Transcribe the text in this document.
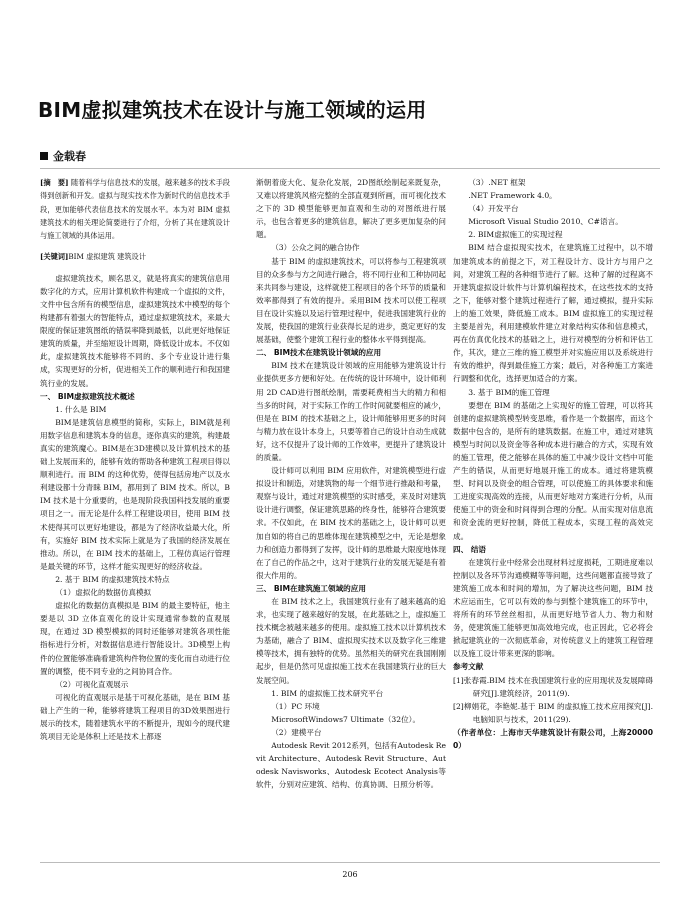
BIM虚拟建筑技术在设计与施工领域的运用
金载春

[摘　要] 随着科学与信息技术的发展，越来越多的技术手段得到创新和开发。虚拟与现实技术作为新时代的信息技术手段，更加能够代表信息技术的发展水平。本为对 BIM 虚拟建筑技术的相关理论简要进行了介绍，分析了其在建筑设计与施工领域的具体运用。

[关键词]BIM 虚拟建筑 建筑设计

虚拟建筑技术，顾名思义，就是将真实的建筑信息用数字化的方式，应用计算机软件构建成一个虚拟的文件，文件中包含所有的模型信息，虚拟建筑技术中模型的每个构建都有着强大的智能特点，通过虚拟建筑技术，来最大限度的保证建筑图纸的错误率降到最低，以此更好地保证建筑的质量，并至缩短设计周期，降低设计成本。不仅如此，虚拟建筑技术能够将不同的、多个专业设计进行集成，实现更好的分析，促进相关工作的顺利进行和我国建筑行业的发展。

一、 BIM虚拟建筑技术概述

1. 什么是 BIM

BIM是建筑信息模型的简称，实际上，BIM就是利用数字信息和建筑本身的信息，逐你真实的建筑，构建最真实的建筑魔心。BIM是在3D建模以及计算机技术的基础上发展而来的，能够有效的帮助各种建筑工程项目得以顺利进行。而 BIM 的这种优势，使得包括房地产以及水利建设都十分青睐 BIM，都用到了 BIM 技术。所以，BIM 技术是十分重要的，也是现阶段我国科技发展的重要项目之一。而无论是什么样工程建设项目，使用 BIM 技术使得其可以更好地建设，都是为了经济收益最大化，所有，实施好 BIM 技术实际上就是为了我国的经济发展在推动。所以，在 BIM 技术的基础上，工程仿真运行管理是最关键的环节，这样才能实现更好的经济收益。

2. 基于 BIM 的虚拟建筑技术特点

（1）虚拟化的数据仿真模拟

虚拟化的数据仿真模拟是 BIM 的最主要特征，他主要是以 3D 立体直观化的设计实现通常参数的直观展现，在通过 3D 模型模拟的同时还能够对建筑各项性能指标进行分析，对数据信息进行智能设计。3D模型上构件的位置能够准确看建筑构件物位置的变化而自动进行位置的调整，使不同专业的之间协同合作。

（2）可视化直观展示

可视化的直观展示是基于可视化基础，是在 BIM 基础上产生的一种，能够将建筑工程项目的3D效果图进行展示的技术，随着建筑水平的不断提升，现如今的现代建筑项目无论是体积上还是技术上都逐

渐朝着庞大化、复杂化发展，2D图纸绘制起来既复杂，又难以将建筑风格完整的全部直观到所画，而可视化技术之下的 3D 模型能够更加直观和生动的对图纸进行展示，也包含着更多的建筑信息，解决了更多更加复杂的问题。

（3）公众之间的融合协作

基于 BIM 的虚拟建筑技术，可以将参与工程建筑项目的众多参与方之间进行融合，将不同行业和工种协同起来共同参与建设，这样就使工程项目的各个环节的质量和效率都得到了有效的提升。采用BIM 技术可以使工程项目在设计实施以及运行管理过程中，促进我国建筑行业的发展，使我国的建筑行业获得长足的进步，奠定更好的发展基础，使整个建筑工程行业的整体水平得到提高。

二、 BIM技术在建筑设计领域的应用

BIM 技术在建筑设计领域的应用能够为建筑设计行业提供更多方便和好处。在传统的设计环境中，设计师利用 2D CAD进行图纸绘制，需要耗费相当大的精力和相当多的时间，对于实际工作的工作时间就要相应的减少，但是在 BIM 的技术基础之上，设计师能够用更多的时间与精力放在设计本身上，只要等着自己的设计自动生成就好，这不仅提升了设计师的工作效率，更提升了建筑设计的质量。

设计师可以利用 BIM 应用软件，对建筑模型进行虚拟设计和制造，对建筑物的每一个细节进行推敲和考量，观察与设计，通过对建筑模型的实时感受，来及时对建筑设计进行调整，保证建筑思路的终身性，能够符合建筑要求。不仅如此，在 BIM 技术的基础之上，设计师可以更加自如的将自己的思维体现在建筑模型之中，无论是想象力和创造力都得到了发挥，设计师的思维最大限度地体现在了自己的作品之中，这对于建筑行业的发展无疑是有着很大作用的。

三、 BIM在建筑施工领域的应用

在 BIM 技术之上，我国建筑行业有了越来越高的追求，也实现了越来越好的发展，在此基础之上，虚拟施工技术概念被越来越多的使用。虚拟施工技术以计算机技术为基础，融合了 BIM、虚拟现实技术以及数字化三维建模等技术，拥有独特的优势。虽然相关的研究在我国刚刚起步，但是仍然可见虚拟施工技术在我国建筑行业的巨大发展空间。

1. BIM 的虚拟施工技术研究平台

（1）PC 环境

MicrosoftWindows7 Ultimate（32位）。

（2）建模平台

Autodesk Revit 2012系列，包括有Autodesk Revit Architecture、Autodesk Revit Structure、Autodesk Navisworks、Autodesk Ecotect Analysis等软件，分别对应建筑、结构、仿真协调、日照分析等。

（3）.NET 框架

.NET Framework 4.0。

（4）开发平台

Microsoft Visual Studio 2010、C#语言。

2. BIM虚拟施工的实现过程

BIM 结合虚拟现实技术，在建筑施工过程中，以不增加建筑成本的前提之下，对工程设计方、设计方与用户之间，对建筑工程的各种细节进行了解。这种了解的过程离不开建筑虚拟设计软件与计算机编程技术，在这些技术的支持之下，能够对整个建筑过程进行了解，通过模拟，提升实际上的施工效果，降低施工成本。BIM 虚拟施工的实现过程主要是首先，利用建模软件建立对象结构实体和信息模式，再在仿真优化技术的基础之上，进行对模型的分析和评估工作，其次，建立三维的施工模型并对实施应用以及系统进行有效的维护，得到最佳施工方案；最后，对各种施工方案进行调整和优化，选择更加适合的方案。

3. 基于 BIM的施工管理

要想在 BIM 的基础之上实现好的施工管理，可以将其创建的虚拟建筑模型转变思维，看作是一个数据库，而这个数据中包含的，是所有的建筑数据。在施工中，通过对建筑模型与时间以及资金等各种成本进行融合的方式，实现有效的施工管理，使之能够在具体的施工中减少设计文档中可能产生的错误，从而更好地展开施工的成本。通过将建筑模型、时间以及资金的组合管理，可以使施工的具体要求和施工进度实现高效的连接，从而更好地对方案进行分析，从而使施工中的资金和时间得到合理的分配。从而实现对信息流和资金流的更好控制，降低工程成本，实现工程的高效完成。

四、 结语

在建筑行业中经常会出现材料过度损耗，工期进度难以控制以及各环节沟通模糊等等问题，这些问题都直接导致了建筑施工成本和时间的增加，为了解决这些问题，BIM 技术应运而生，它可以有效的参与到整个建筑施工的环节中，将所有的环节丝丝相扣，从而更好地节省人力、物力和财务，使建筑施工能够更加高效地完成，也正因此，它必将会掀起建筑业的一次彻底革命，对传统意义上的建筑工程管理以及施工设计带来更深的影响。

参考文献

[1]张春霞.BIM 技术在我国建筑行业的应用现状及发展障碍研究[J].建筑经济，2011(9).

[2]柳娟花，李艳妮.基于 BIM 的虚拟施工技术应用探究[J].电脑知识与技术，2011(29).

（作者单位：上海市天华建筑设计有限公司，上海200000）

206
